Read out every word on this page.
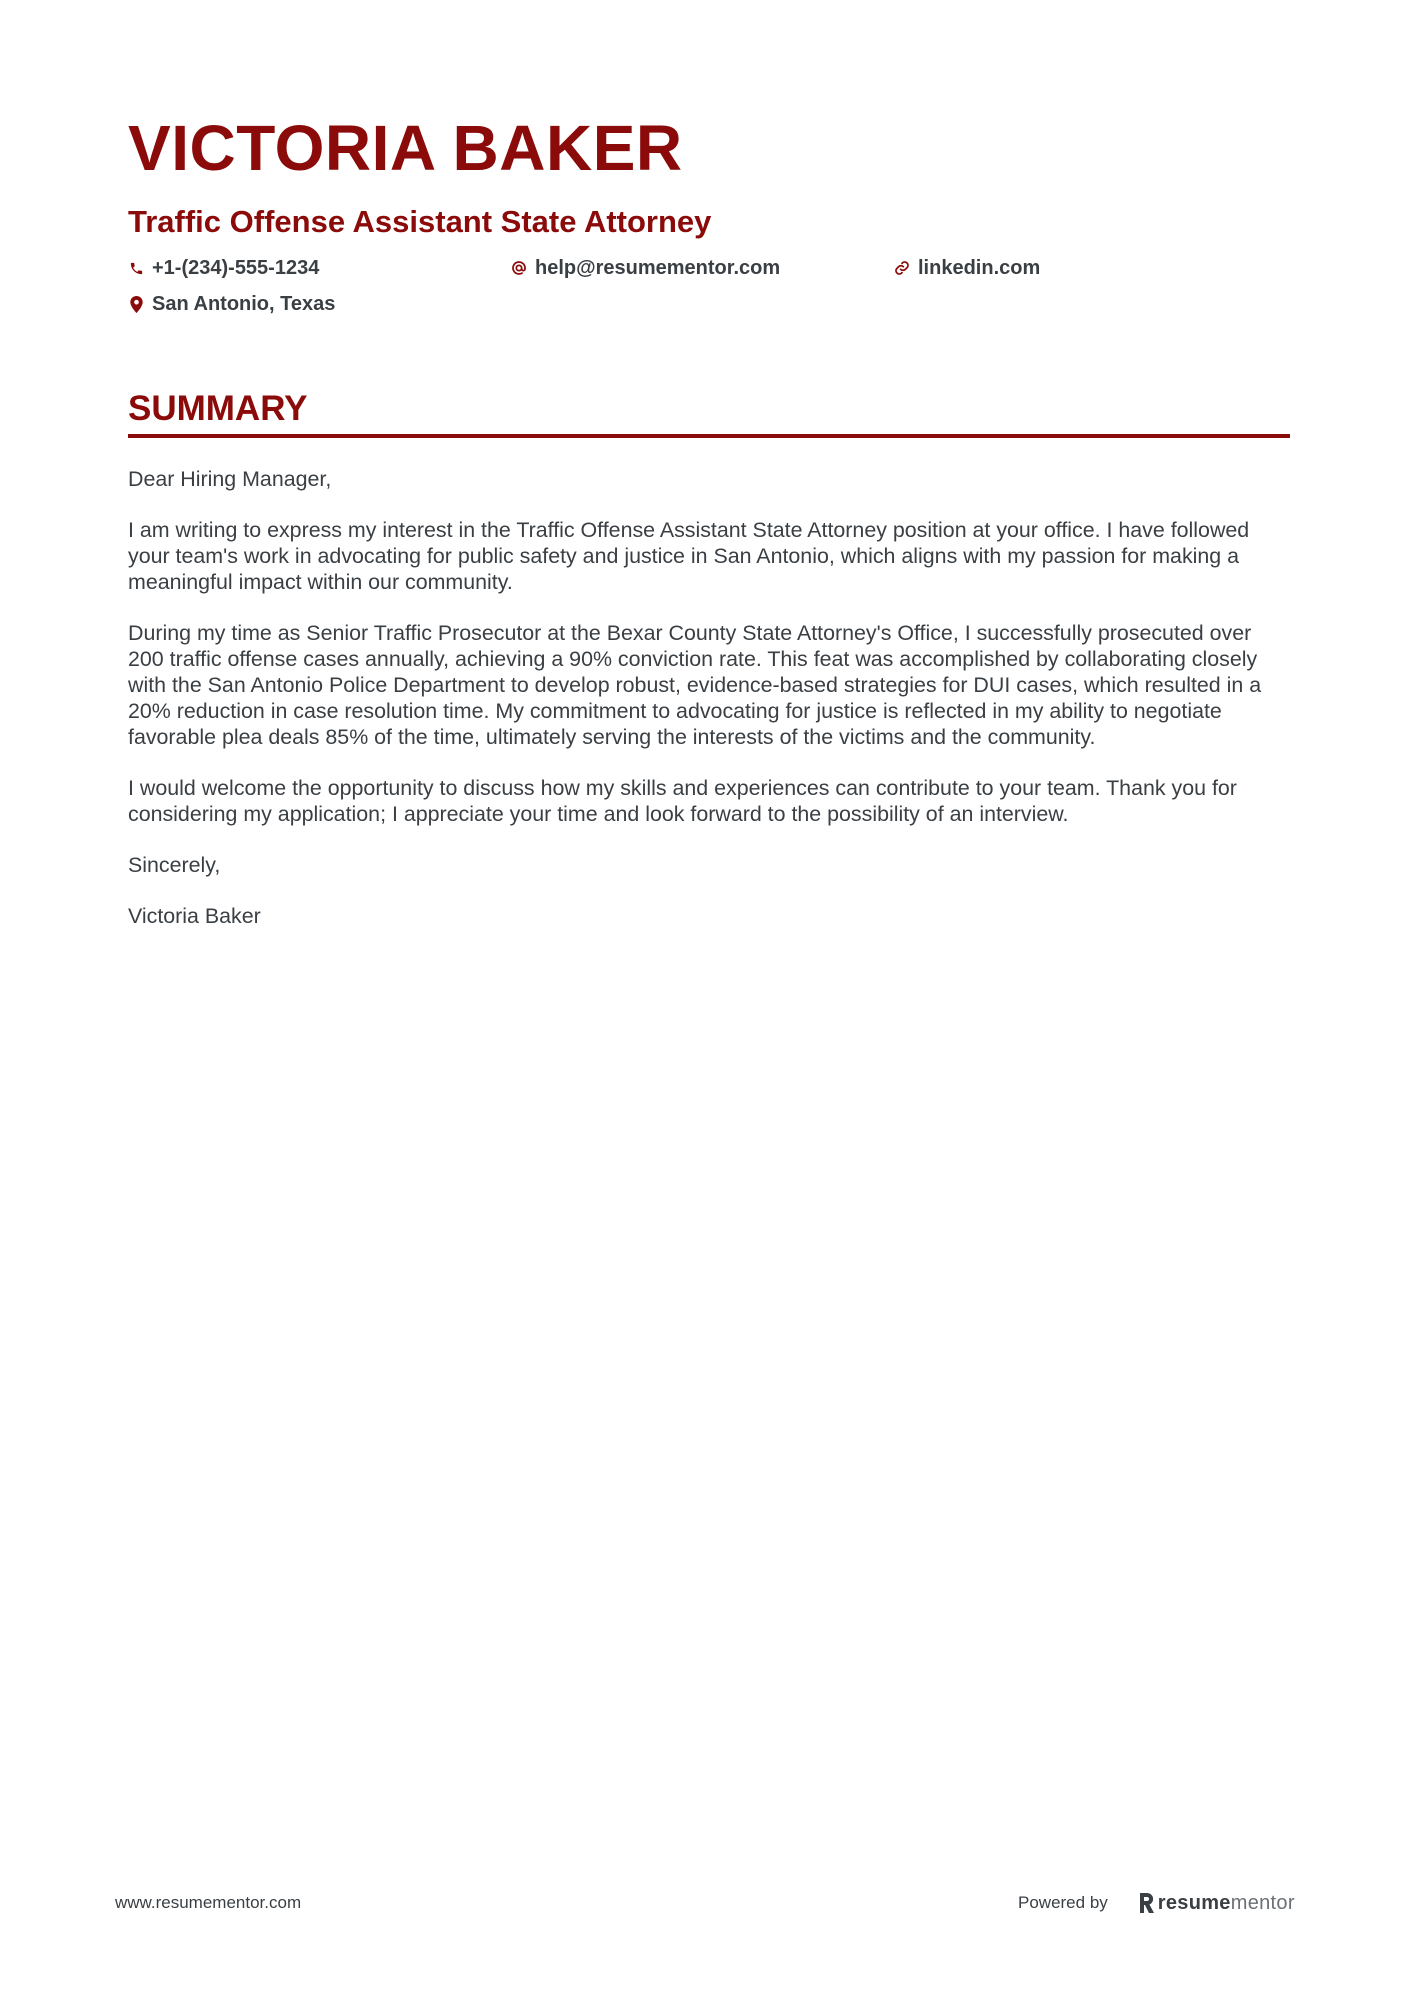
VICTORIA BAKER
Traffic Offense Assistant State Attorney
+1-(234)-555-1234	help@resumementor.com	linkedin.com
San Antonio, Texas
SUMMARY

Dear Hiring Manager,

I am writing to express my interest in the Traffic Offense Assistant State Attorney position at your office. I have followed your team's work in advocating for public safety and justice in San Antonio, which aligns with my passion for making a meaningful impact within our community.

During my time as Senior Traffic Prosecutor at the Bexar County State Attorney's Office, I successfully prosecuted over 200 traffic offense cases annually, achieving a 90% conviction rate. This feat was accomplished by collaborating closely with the San Antonio Police Department to develop robust, evidence-based strategies for DUI cases, which resulted in a 20% reduction in case resolution time. My commitment to advocating for justice is reflected in my ability to negotiate favorable plea deals 85% of the time, ultimately serving the interests of the victims and the community.

I would welcome the opportunity to discuss how my skills and experiences can contribute to your team. Thank you for considering my application; I appreciate your time and look forward to the possibility of an interview.

Sincerely,

Victoria Baker

www.resumementor.com	Powered by	resume mentor
